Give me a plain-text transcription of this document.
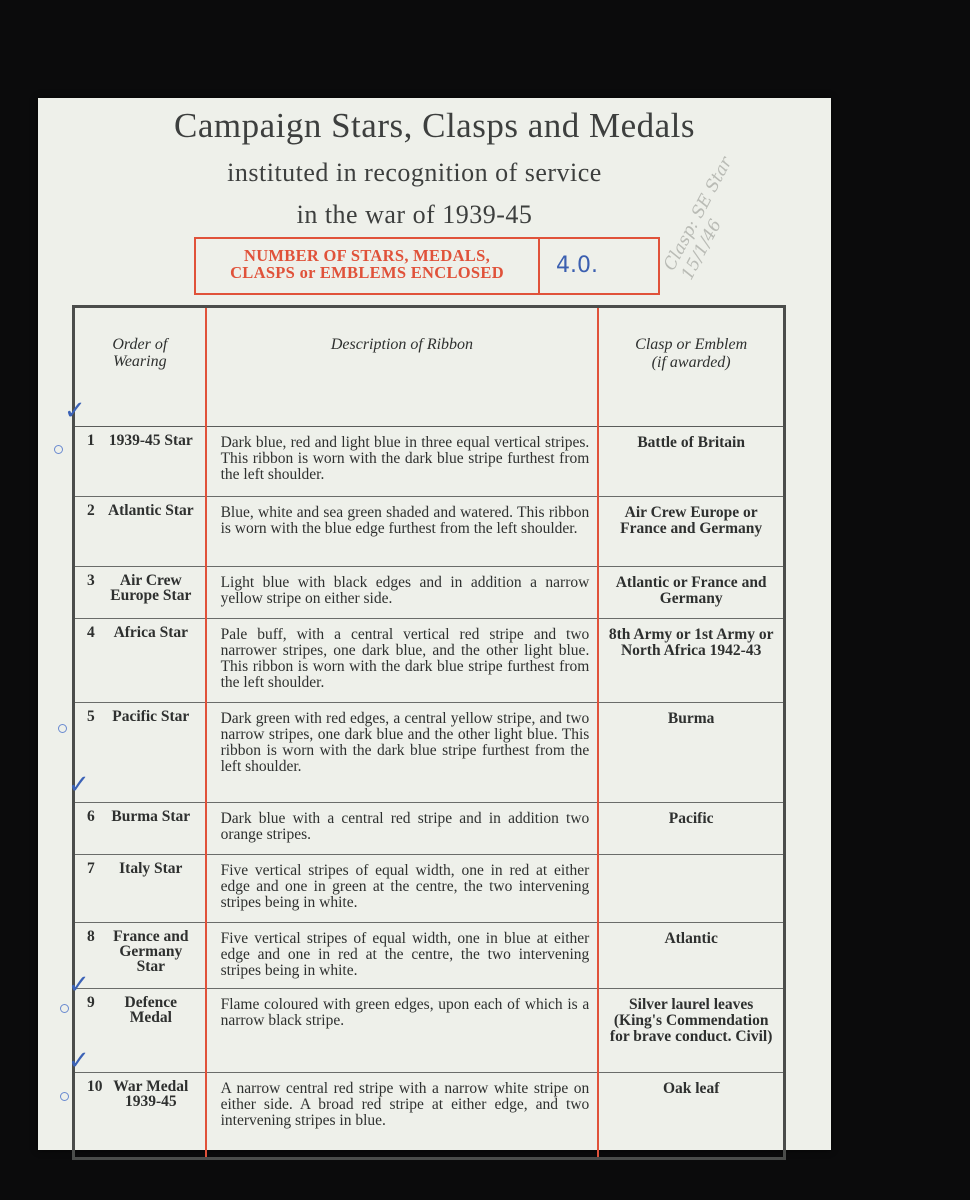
Campaign Stars, Clasps and Medals
instituted in recognition of service
in the war of 1939-45
NUMBER OF STARS, MEDALS,
CLASPS or EMBLEMS ENCLOSED	4.0.	Clasp: SE Star 15/1/46
Order of Wearing	Description of Ribbon	Clasp or Emblem
(if awarded)

1 1939-45 Star	Dark blue, red and light blue in three equal vertical stripes. This ribbon is worn with the dark blue stripe furthest from the left shoulder.	Battle of Britain

2 Atlantic Star	Blue, white and sea green shaded and watered. This ribbon is worn with the blue edge furthest from the left shoulder.	Air Crew Europe or France and Germany

3 Air Crew Europe Star	Light blue with black edges and in addition a narrow yellow stripe on either side.	Atlantic or France and Germany

4 Africa Star	Pale buff, with a central vertical red stripe and two narrower stripes, one dark blue, and the other light blue. This ribbon is worn with the dark blue stripe furthest from the left shoulder.	8th Army or 1st Army or North Africa 1942-43

5 Pacific Star	Dark green with red edges, a central yellow stripe, and two narrow stripes, one dark blue and the other light blue. This ribbon is worn with the dark blue stripe furthest from the left shoulder.	Burma

6 Burma Star	Dark blue with a central red stripe and in addition two orange stripes.	Pacific

7 Italy Star	Five vertical stripes of equal width, one in red at either edge and one in green at the centre, the two intervening stripes being in white.	

8 France and Germany Star	Five vertical stripes of equal width, one in blue at either edge and one in red at the centre, the two intervening stripes being in white.	Atlantic

9 Defence Medal	Flame coloured with green edges, upon each of which is a narrow black stripe.	Silver laurel leaves (King's Commendation for brave conduct. Civil)

10 War Medal 1939-45	A narrow central red stripe with a narrow white stripe on either side. A broad red stripe at either edge, and two intervening stripes in blue.	Oak leaf
✓
✓
✓
✓
